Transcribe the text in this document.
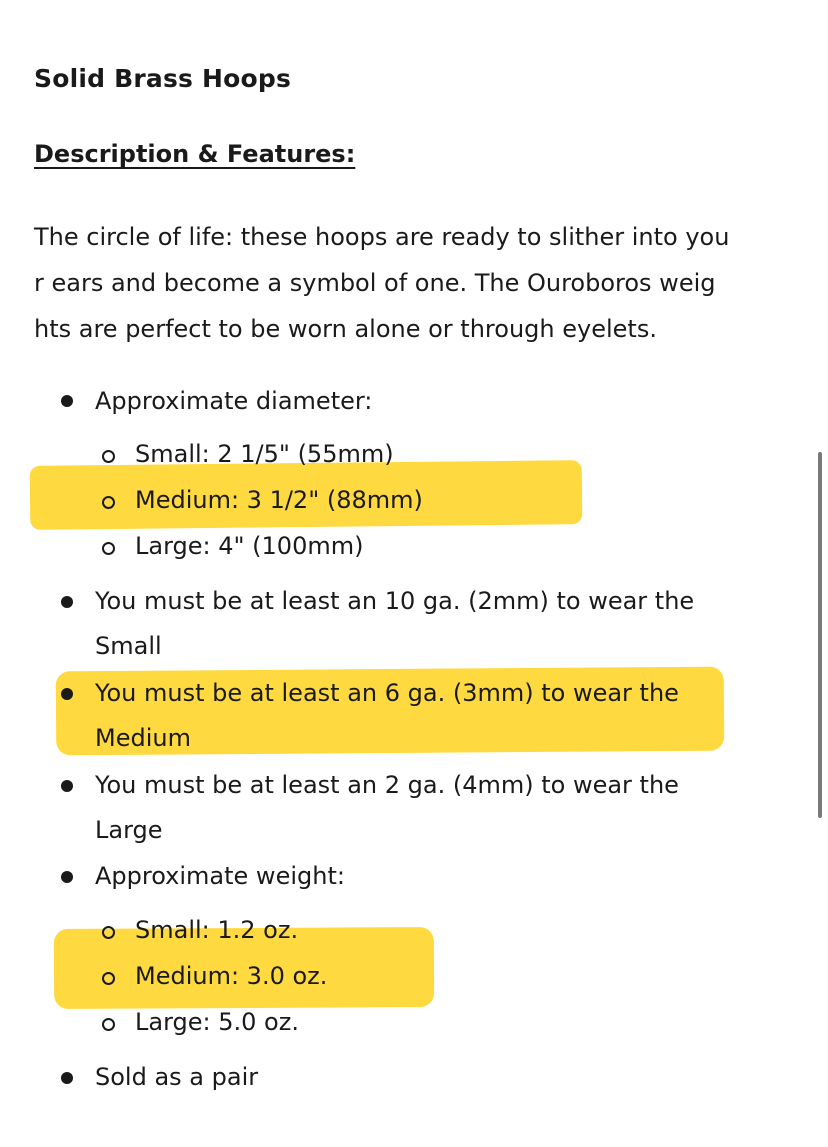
Solid Brass Hoops
Description & Features:

The circle of life: these hoops are ready to slither into you
r ears and become a symbol of one. The Ouroboros weig
hts are perfect to be worn alone or through eyelets.

Approximate diameter:
Small: 2 1/5" (55mm)
Medium: 3 1/2" (88mm)
Large: 4" (100mm)
You must be at least an 10 ga. (2mm) to wear the
Small
You must be at least an 6 ga. (3mm) to wear the
Medium
You must be at least an 2 ga. (4mm) to wear the
Large
Approximate weight:
Small: 1.2 oz.
Medium: 3.0 oz.
Large: 5.0 oz.
Sold as a pair
